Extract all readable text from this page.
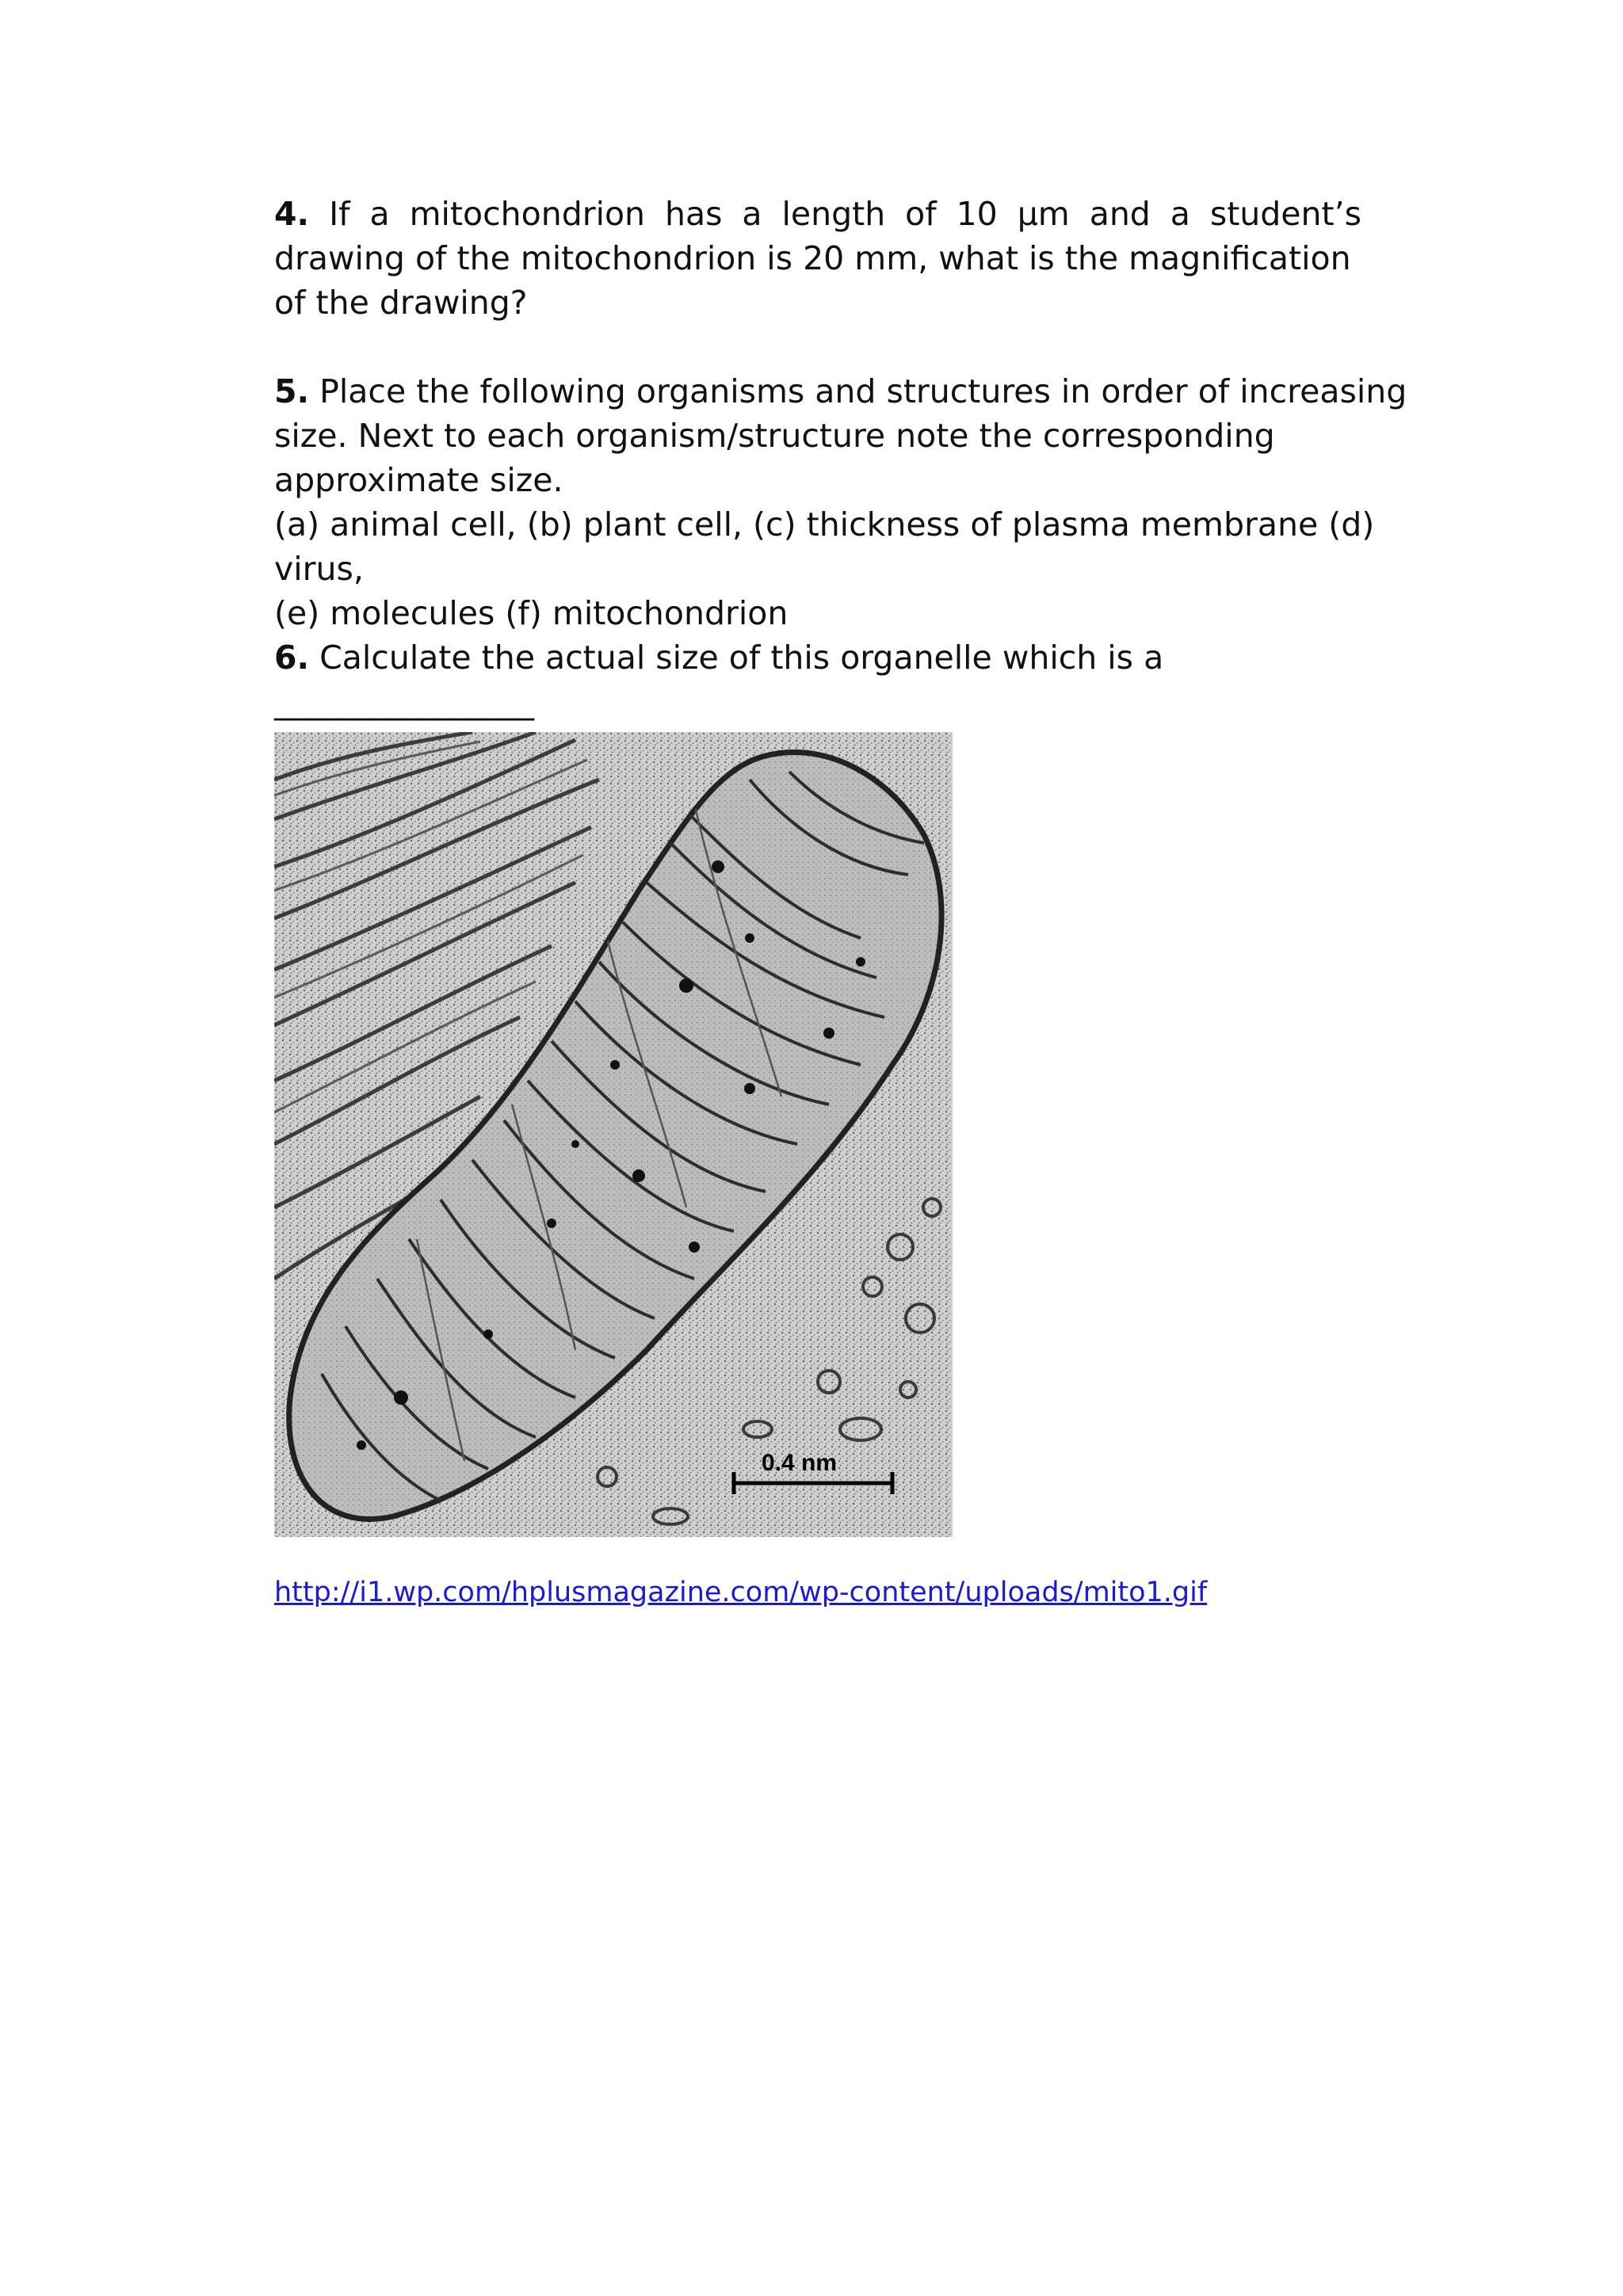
4. If a mitochondrion has a length of 10 µm and a student’s
drawing of the mitochondrion is 20 mm, what is the magnification
of the drawing?
5. Place the following organisms and structures in order of increasing
size. Next to each organism/structure note the corresponding
approximate size.
(a) animal cell, (b) plant cell, (c) thickness of plasma membrane (d) virus,
(e) molecules (f) mitochondrion
6. Calculate the actual size of this organelle which is a ________________
0.4 nm
http://i1.wp.com/hplusmagazine.com/wp-content/uploads/mito1.gif
